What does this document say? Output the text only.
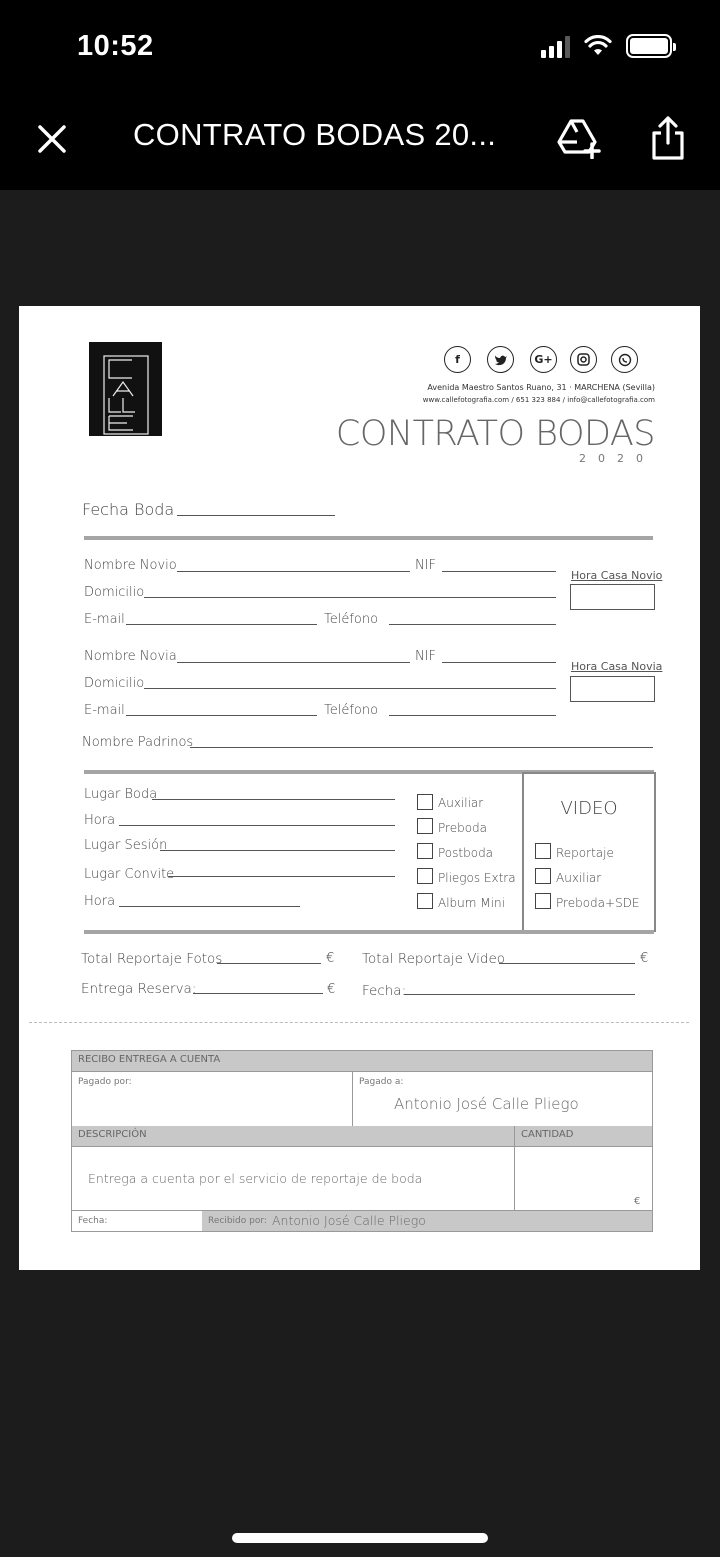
10:52
CONTRATO BODAS 20...
f	G+
Avenida Maestro Santos Ruano, 31 · MARCHENA (Sevilla)
www.callefotografia.com / 651 323 884 / info@callefotografia.com
CONTRATO BODAS
2020
Fecha Boda
Nombre Novio	NIF
Domicilio
E-mail	Teléfono
Hora Casa Novio
Nombre Novia	NIF
Domicilio
E-mail	Teléfono
Hora Casa Novia
Nombre Padrinos
Lugar Boda
Hora
Lugar Sesión
Lugar Convite
Hora
Auxiliar
Preboda
Postboda
Pliegos Extra
Album Mini
VIDEO
Reportaje
Auxiliar
Preboda+SDE
Total Reportaje Fotos	€ Total Reportaje Video	€
Entrega Reserva:	€ Fecha:
RECIBO ENTREGA A CUENTA
Pagado por:	Pagado a:
Antonio José Calle Pliego
DESCRIPCIÓN	CANTIDAD
Entrega a cuenta por el servicio de reportaje de boda
€
Fecha:	Recibido por: Antonio José Calle Pliego
